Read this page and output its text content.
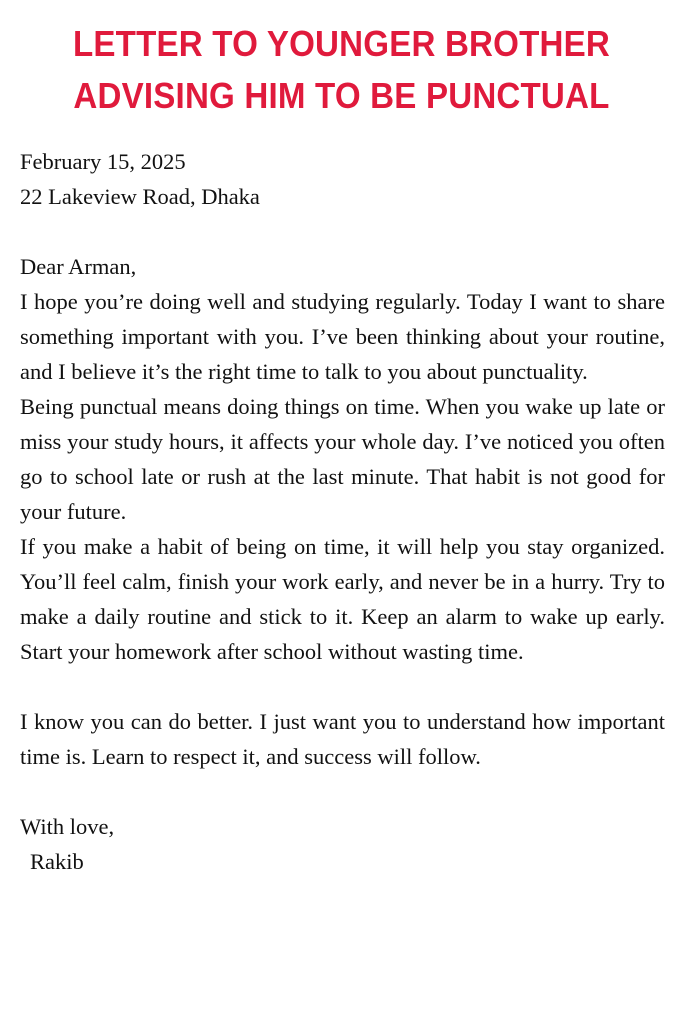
LETTER TO YOUNGER BROTHER
ADVISING HIM TO BE PUNCTUAL
February 15, 2025
22 Lakeview Road, Dhaka
Dear Arman,

I hope you’re doing well and studying regularly. Today I want to share something important with you. I’ve been thinking about your routine, and I believe it’s the right time to talk to you about punctuality.

Being punctual means doing things on time. When you wake up late or miss your study hours, it affects your whole day. I’ve noticed you often go to school late or rush at the last minute. That habit is not good for your future.

If you make a habit of being on time, it will help you stay organized. You’ll feel calm, finish your work early, and never be in a hurry. Try to make a daily routine and stick to it. Keep an alarm to wake up early. Start your homework after school without wasting time.

I know you can do better. I just want you to understand how important time is. Learn to respect it, and success will follow.

With love,
Rakib
